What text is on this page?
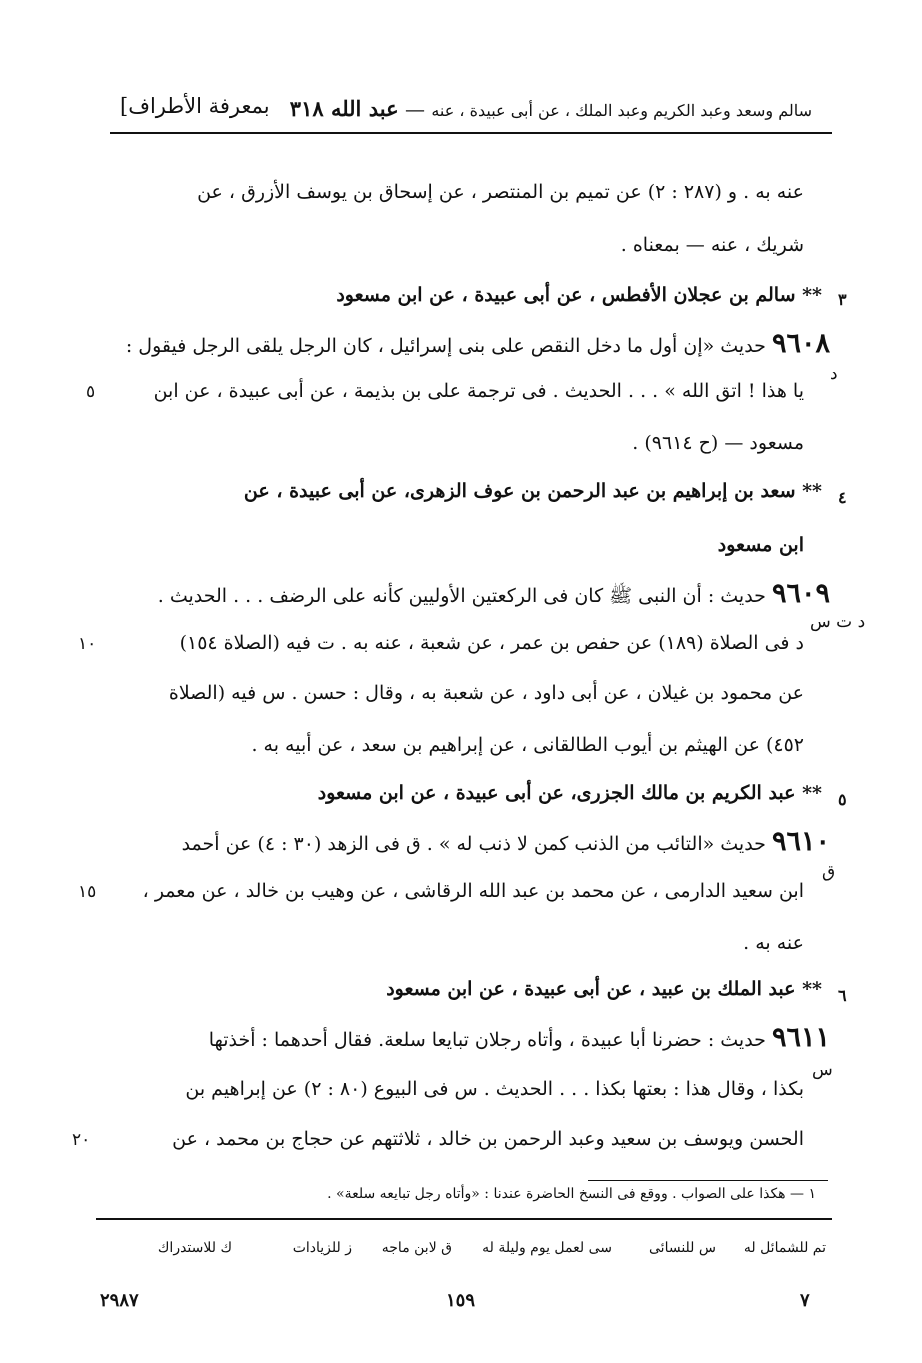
سالم وسعد وعبد الكريم وعبد الملك ، عن أبى عبيدة ، عنه — عبد الله ٣١٨
بمعرفة الأطراف]
عنه به . و (٢٨٧ : ٢) عن تميم بن المنتصر ، عن إسحاق بن يوسف الأزرق ، عن
شريك ، عنه — بمعناه .
٣
** سالم بن عجلان الأفطس ، عن أبى عبيدة ، عن ابن مسعود
٩٦٠٨ حديث «إن أول ما دخل النقص على بنى إسرائيل ، كان الرجل يلقى الرجل فيقول :
د
يا هذا ! اتق الله » . . . الحديث . فى ترجمة على بن بذيمة ، عن أبى عبيدة ، عن ابن
٥
مسعود — (ح ٩٦١٤) .
٤
** سعد بن إبراهيم بن عبد الرحمن بن عوف الزهرى، عن أبى عبيدة ، عن
ابن مسعود
٩٦٠٩ حديث : أن النبى ﷺ كان فى الركعتين الأوليين كأنه على الرضف . . . الحديث .
د ت س
د فى الصلاة (١٨٩) عن حفص بن عمر ، عن شعبة ، عنه به . ت فيه (الصلاة ١٥٤)
١٠
عن محمود بن غيلان ، عن أبى داود ، عن شعبة به ، وقال : حسن . س فيه (الصلاة
٤٥٢) عن الهيثم بن أيوب الطالقانى ، عن إبراهيم بن سعد ، عن أبيه به .
٥
** عبد الكريم بن مالك الجزرى، عن أبى عبيدة ، عن ابن مسعود
٩٦١٠ حديث «التائب من الذنب كمن لا ذنب له » . ق فى الزهد (٣٠ : ٤) عن أحمد
ق
ابن سعيد الدارمى ، عن محمد بن عبد الله الرقاشى ، عن وهيب بن خالد ، عن معمر ،
١٥
عنه به .
٦
** عبد الملك بن عبيد ، عن أبى عبيدة ، عن ابن مسعود
٩٦١١ حديث : حضرنا أبا عبيدة ، وأتاه رجلان تبايعا سلعة. فقال أحدهما : أخذتها
س
بكذا ، وقال هذا : بعتها بكذا . . . الحديث . س فى البيوع (٨٠ : ٢) عن إبراهيم بن
الحسن ويوسف بن سعيد وعبد الرحمن بن خالد ، ثلاثتهم عن حجاج بن محمد ، عن
٢٠
١ — هكذا على الصواب . ووقع فى النسخ الحاضرة عندنا : «وأتاه رجل تبايعه سلعة» .
تم للشمائل له
س للنسائى
سى لعمل يوم وليلة له
ق لابن ماجه
ز للزيادات
ك للاستدراك
٢٩٨٧	١٥٩	٧
